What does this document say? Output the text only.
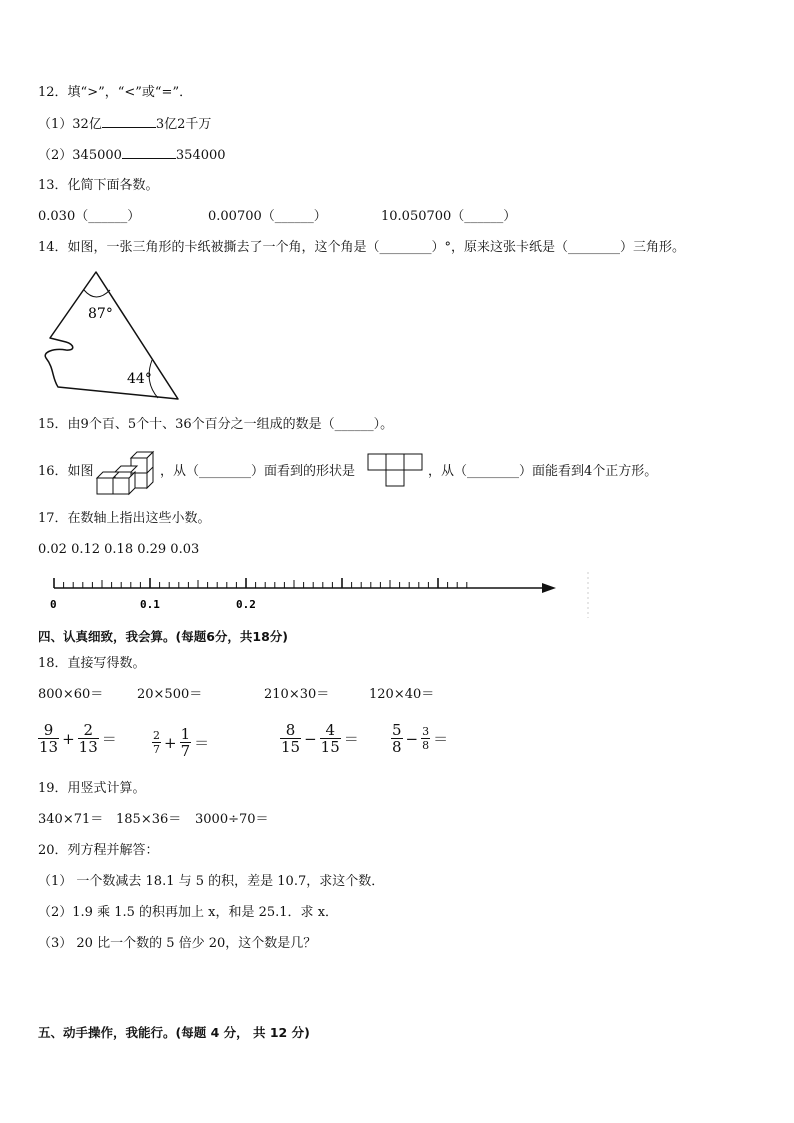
12．填“>”，“<”或“=”．
（1）32亿	3亿2千万
（2）345000	354000
13．化简下面各数。
0.030（______）	0.00700（______）	10.050700（______）
14．如图，一张三角形的卡纸被撕去了一个角，这个角是（________）°，原来这张卡纸是（________）三角形。
87°
44°
15．由9个百、5个十、36个百分之一组成的数是（______）。
16．如图	，从（________）面看到的形状是	，从（________）面能看到4个正方形。
17．在数轴上指出这些小数。
0.02 0.12 0.18 0.29 0.03
0	0.1	0.2
四、认真细致，我会算。(每题6分，共18分)
18．直接写得数。
800×60＝	20×500＝	210×30＝	120×40＝
$\frac{9}{13} + \frac{2}{13}$ ＝	$\frac{2}{7} + \frac{1}{7}$ ＝	$\frac{8}{15} - \frac{4}{15} = \frac{5}{8} - \frac{3}{8}$ ＝
19．用竖式计算。
340×71＝ 185×36＝ 3000÷70＝
20．列方程并解答：
（1） 一个数减去 18.1 与 5 的积，差是 10.7，求这个数．
（2）1.9 乘 1.5 的积再加上 x，和是 25.1．求 x．
（3） 20 比一个数的 5 倍少 20，这个数是几？
五、动手操作，我能行。(每题 4 分， 共 12 分)
